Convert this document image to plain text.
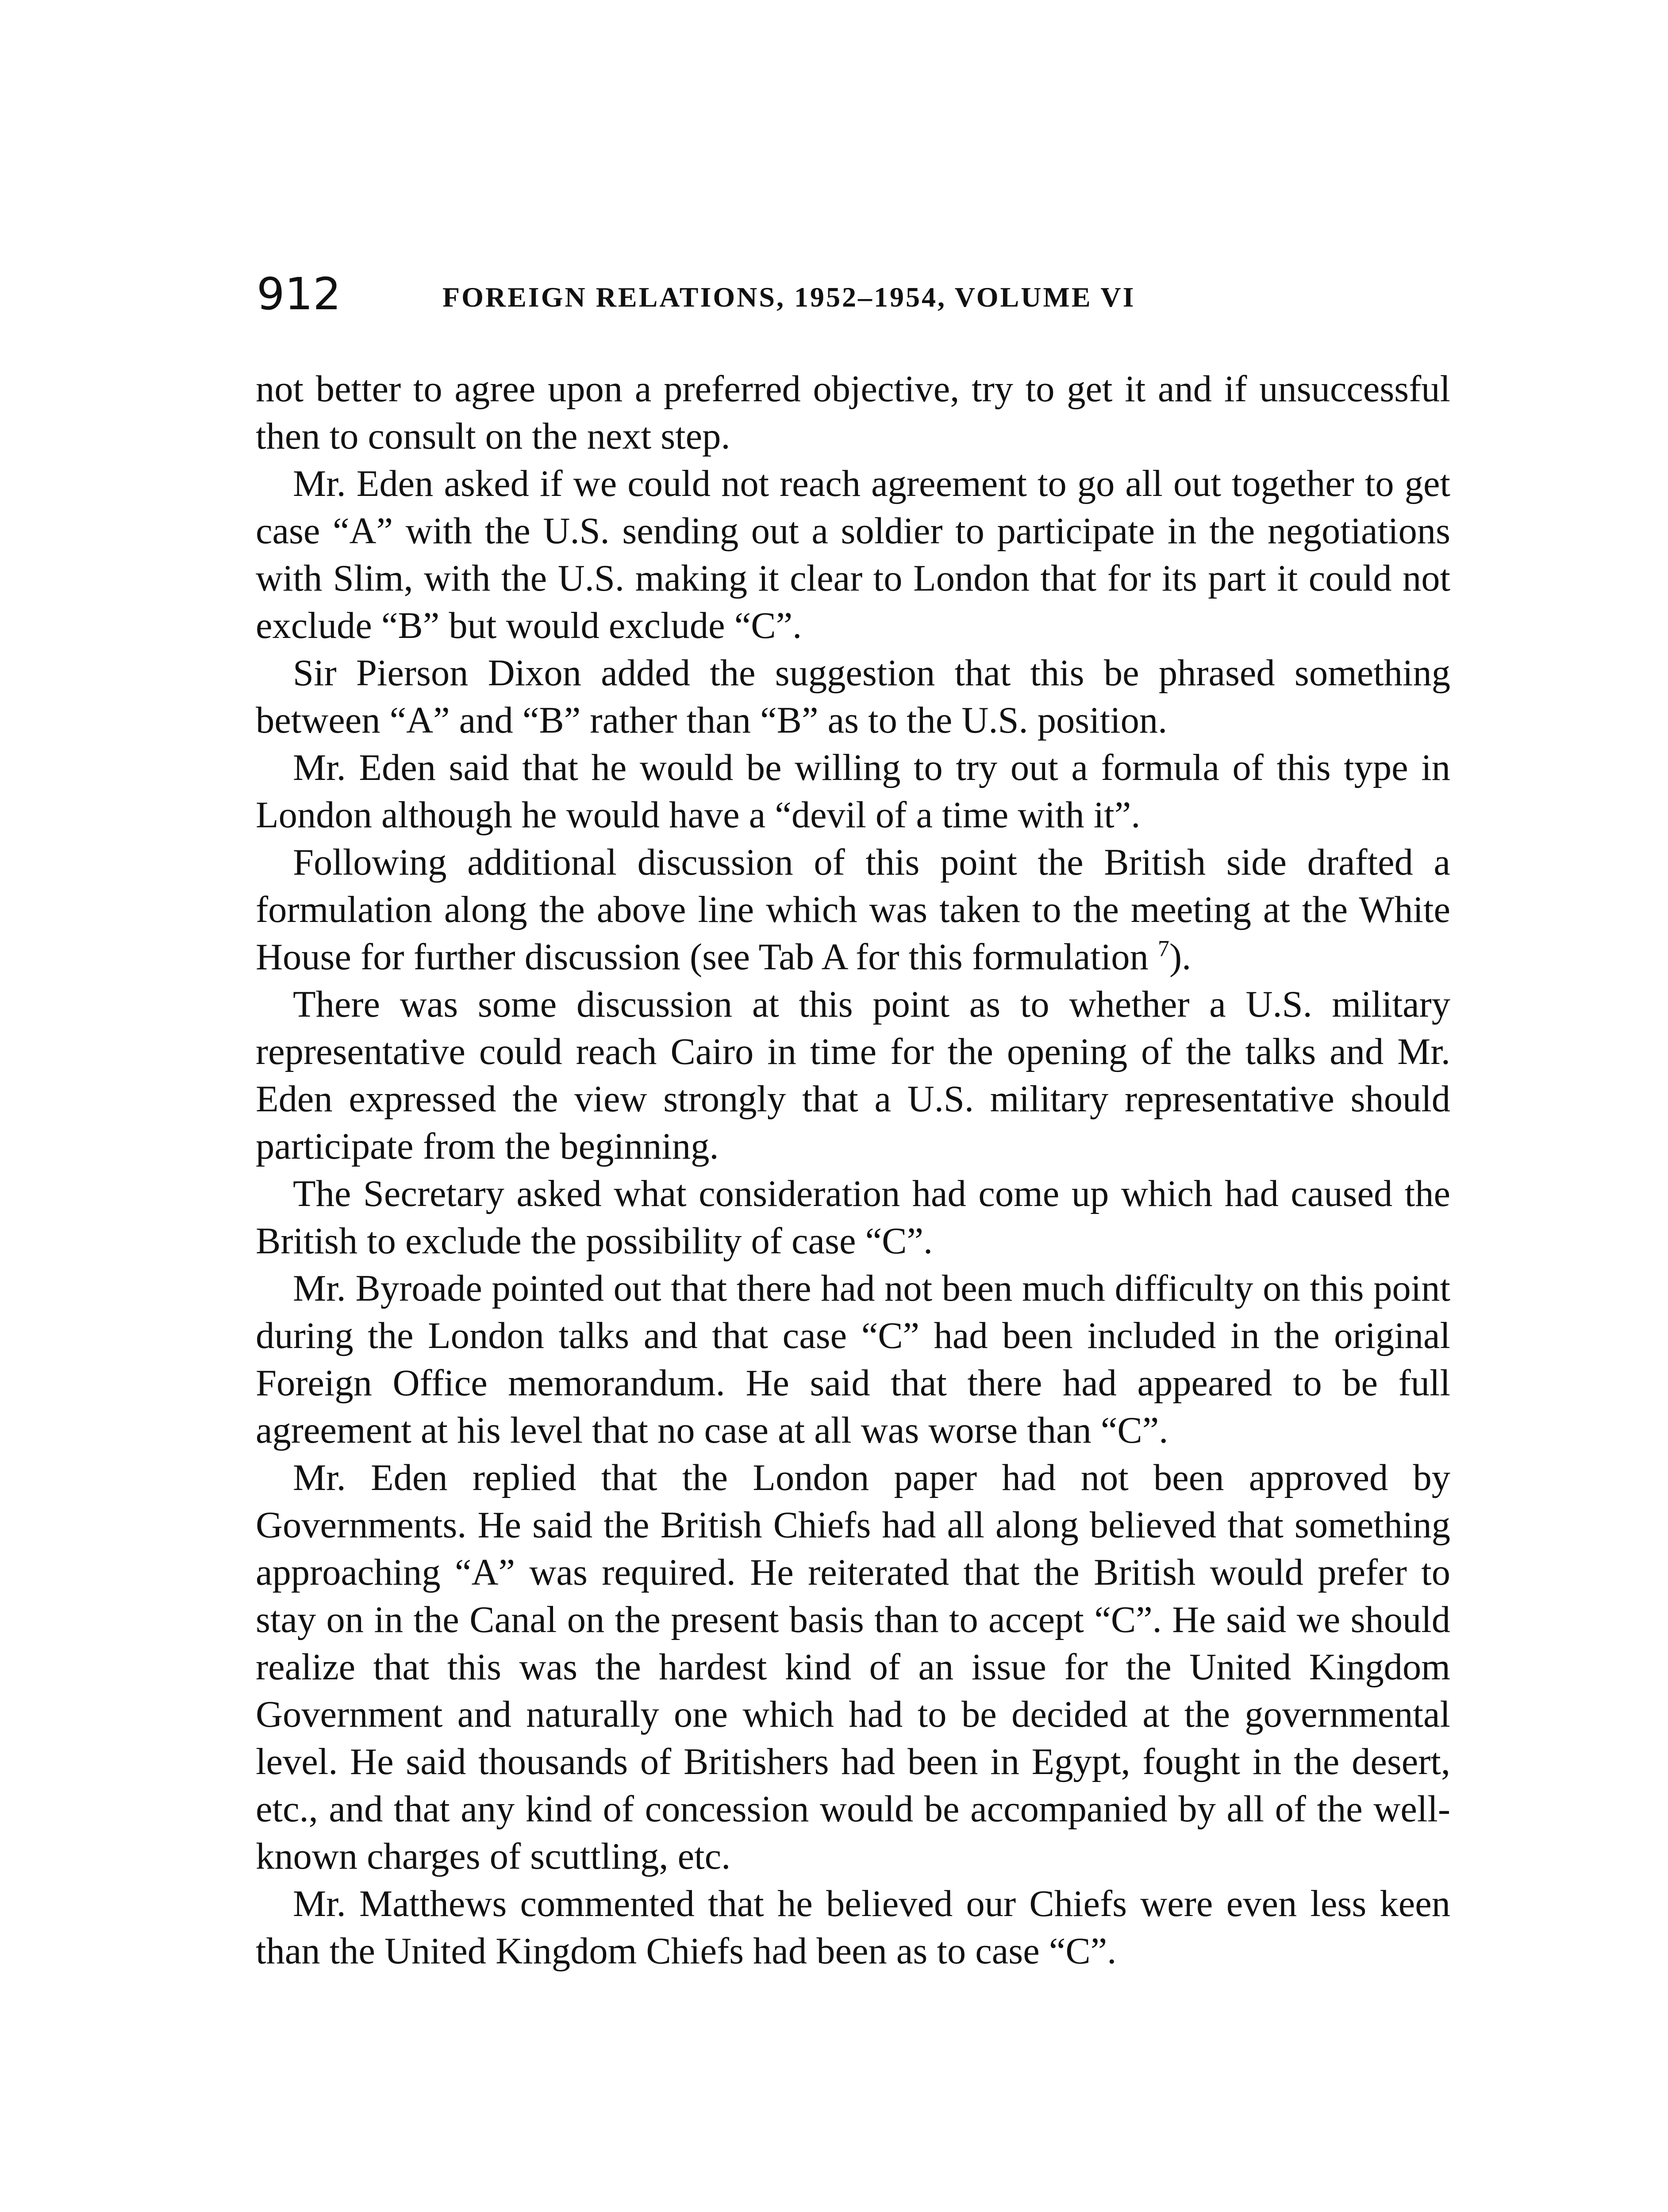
912	FOREIGN RELATIONS, 1952–1954, VOLUME VI

not better to agree upon a preferred objective, try to get it and if unsuccessful then to consult on the next step.

Mr. Eden asked if we could not reach agreement to go all out together to get case “A” with the U.S. sending out a soldier to participate in the negotiations with Slim, with the U.S. making it clear to London that for its part it could not exclude “B” but would exclude “C”.

Sir Pierson Dixon added the suggestion that this be phrased something between “A” and “B” rather than “B” as to the U.S. position.

Mr. Eden said that he would be willing to try out a formula of this type in London although he would have a “devil of a time with it”.

Following additional discussion of this point the British side drafted a formulation along the above line which was taken to the meeting at the White House for further discussion (see Tab A for this formulation $^7$).

There was some discussion at this point as to whether a U.S. military representative could reach Cairo in time for the opening of the talks and Mr. Eden expressed the view strongly that a U.S. military representative should participate from the beginning.

The Secretary asked what consideration had come up which had caused the British to exclude the possibility of case “C”.

Mr. Byroade pointed out that there had not been much difficulty on this point during the London talks and that case “C” had been included in the original Foreign Office memorandum. He said that there had appeared to be full agreement at his level that no case at all was worse than “C”.

Mr. Eden replied that the London paper had not been approved by Governments. He said the British Chiefs had all along believed that something approaching “A” was required. He reiterated that the British would prefer to stay on in the Canal on the present basis than to accept “C”. He said we should realize that this was the hardest kind of an issue for the United Kingdom Government and naturally one which had to be decided at the governmental level. He said thousands of Britishers had been in Egypt, fought in the desert, etc., and that any kind of concession would be accompanied by all of the well-known charges of scuttling, etc.

Mr. Matthews commented that he believed our Chiefs were even less keen than the United Kingdom Chiefs had been as to case “C”.
